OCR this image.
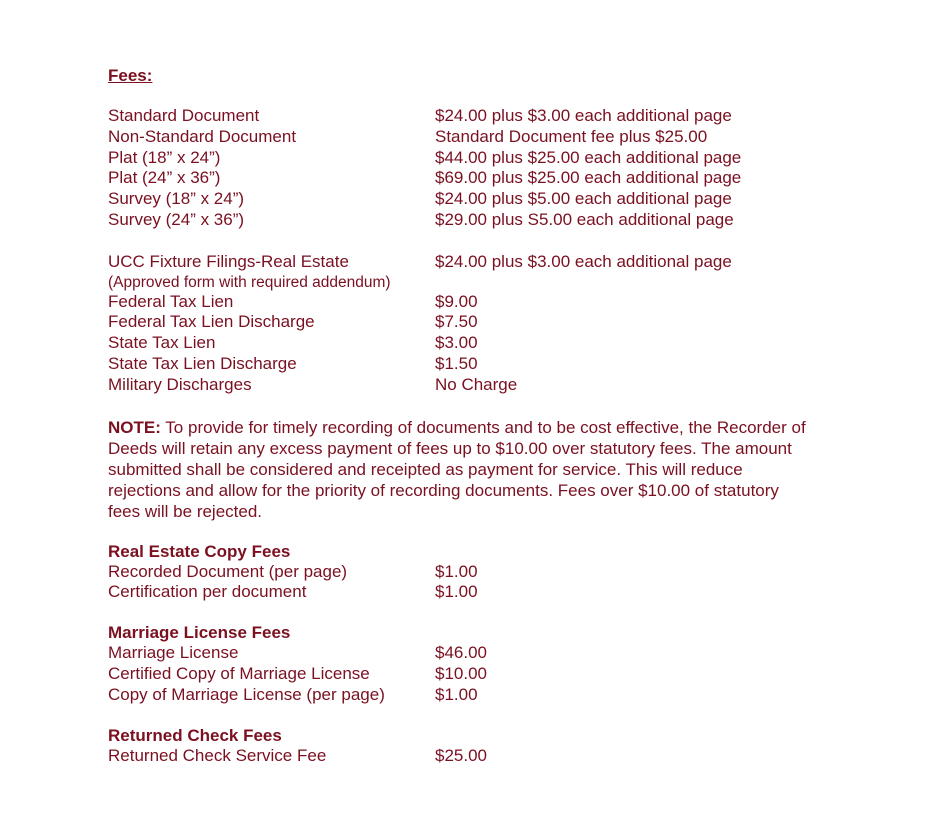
Fees:

Standard Document	$24.00 plus $3.00 each additional page
Non-Standard Document	Standard Document fee plus $25.00
Plat (18” x 24”)	$44.00 plus $25.00 each additional page
Plat (24” x 36”)	$69.00 plus $25.00 each additional page
Survey (18” x 24”)	$24.00 plus $5.00 each additional page
Survey (24” x 36”)	$29.00 plus S5.00 each additional page
UCC Fixture Filings-Real Estate	$24.00 plus $3.00 each additional page
(Approved form with required addendum)
Federal Tax Lien	$9.00
Federal Tax Lien Discharge	$7.50
State Tax Lien	$3.00
State Tax Lien Discharge	$1.50
Military Discharges	No Charge

NOTE: To provide for timely recording of documents and to be cost effective, the Recorder of Deeds will retain any excess payment of fees up to $10.00 over statutory fees. The amount submitted shall be considered and receipted as payment for service. This will reduce rejections and allow for the priority of recording documents. Fees over $10.00 of statutory fees will be rejected.

Real Estate Copy Fees

Recorded Document (per page)	$1.00
Certification per document	$1.00

Marriage License Fees

Marriage License	$46.00
Certified Copy of Marriage License	$10.00
Copy of Marriage License (per page)	$1.00

Returned Check Fees

Returned Check Service Fee	$25.00
